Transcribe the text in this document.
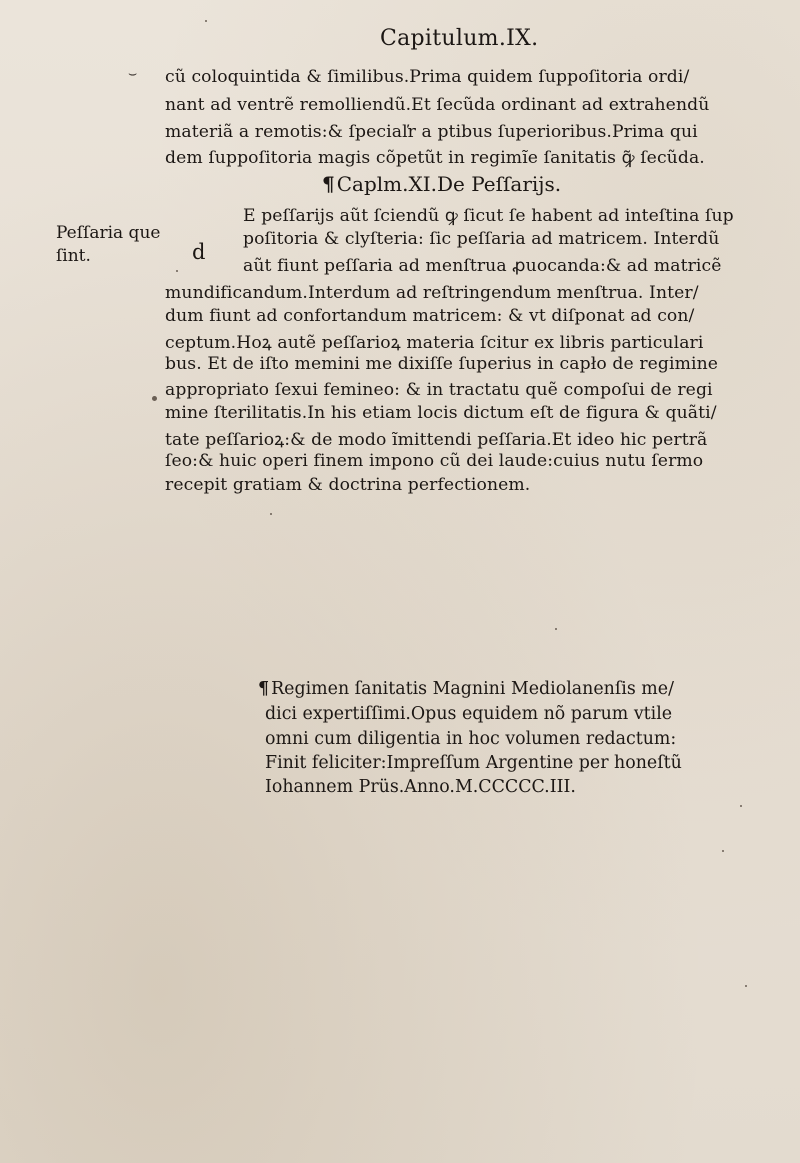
Capitulum.IX.
cũ coloquintida & ſimilibus.Prima quidem ſuppoſitoria ordi/
nant ad ventrẽ remolliendũ.Et ſecũda ordinant ad extrahendũ
materiã a remotis:& ſpeciaľr a ptibus ſuperioribus.Prima qui
dem ſuppoſitoria magis cõpetũt in regimĩe ſanitatis ꝙ̃ ſecũda.
¶ Caplm.XI.De Peſſarijs.
Peſſaria que
ſint.	d
E peſſarijs aũt ſciendũ ꝙ ſicut ſe habent ad inteſtina ſup
poſitoria & clyſteria: ſic peſſaria ad matricem. Interdũ
aũt fiunt peſſaria ad menſtrua ꝓuocanda:& ad matricẽ
mundificandum.Interdum ad reſtringendum menſtrua. Inter/
dum fiunt ad confortandum matricem: & vt diſponat ad con/
ceptum.Hoꝝ autẽ peſſarioꝝ materia ſcitur ex libris particulari
bus. Et de iſto memini me dixiſſe ſuperius in capło de regimine
appropriato ſexui femineo: & in tractatu quẽ compoſui de regi
mine ſterilitatis.In his etiam locis dictum eſt de figura & quãti/
tate peſſarioꝝ:& de modo ĩmittendi peſſaria.Et ideo hic pertrã
ſeo:& huic operi finem impono cũ dei laude:cuius nutu ſermo
recepit gratiam & doctrina perfectionem.
¶ Regimen ſanitatis Magnini Mediolanenſis me/
dici expertiſſimi.Opus equidem nõ parum vtile
omni cum diligentia in hoc volumen redactum:
Finit feliciter:Impreſſum Argentine per honeſtũ
Iohannem Prüs.Anno.M.CCCCC.III.
⌣
